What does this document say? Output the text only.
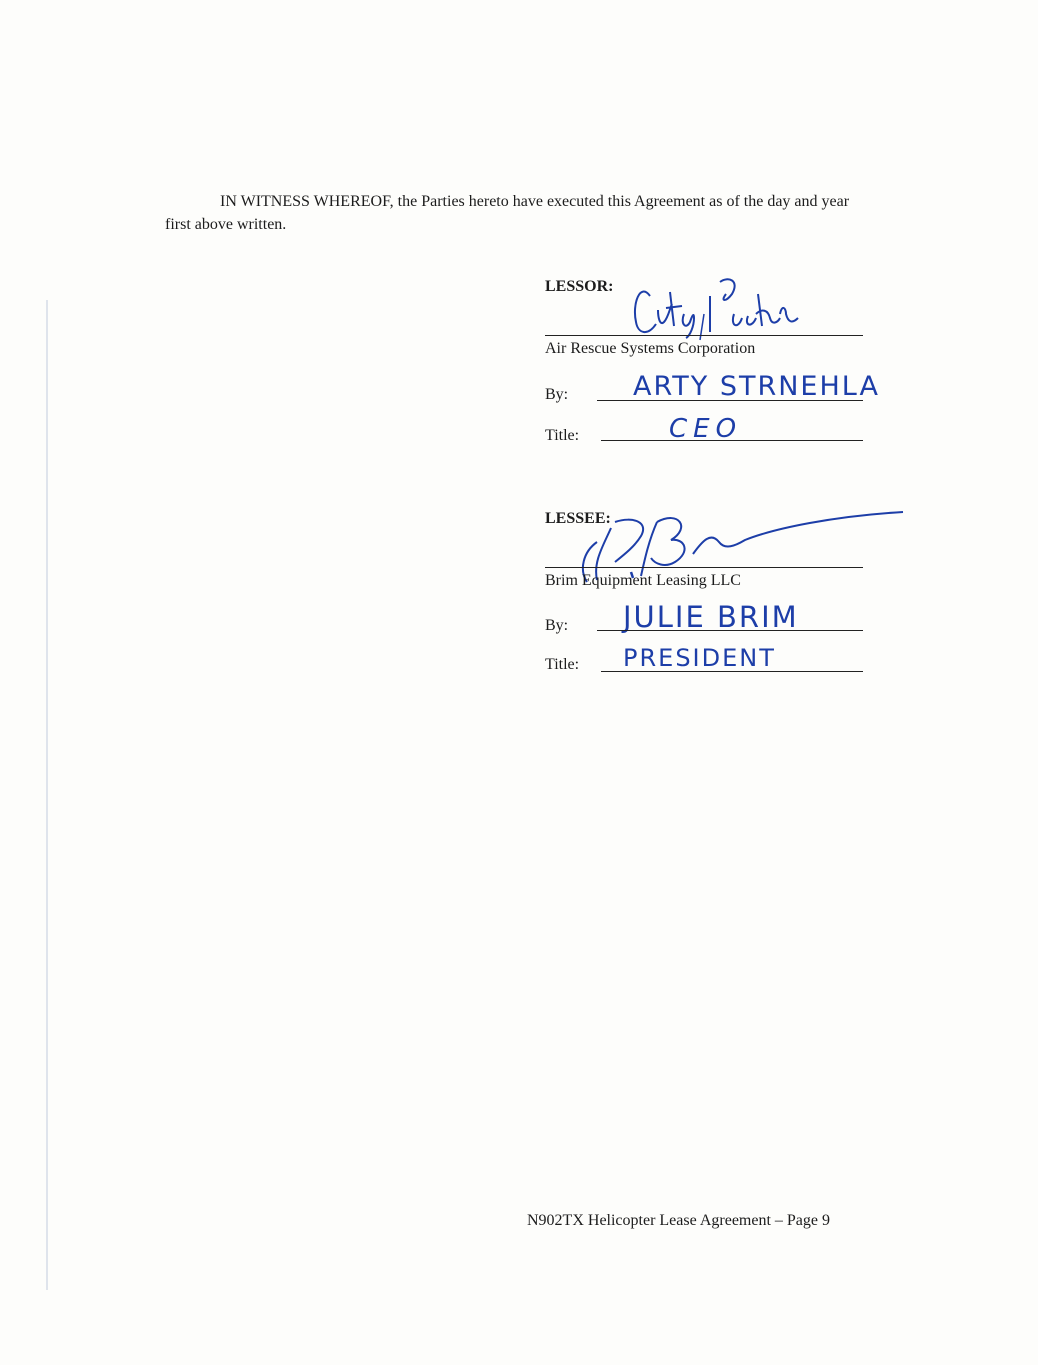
IN WITNESS WHEREOF, the Parties hereto have executed this Agreement as of the day and year first above written.

LESSOR:
Air Rescue Systems Corporation
By: ARTY STRNEHLA
Title:	CEO
LESSEE:
Brim Equipment Leasing LLC
By: JULIE BRIM
Title: PRESIDENT
N902TX Helicopter Lease Agreement – Page 9
